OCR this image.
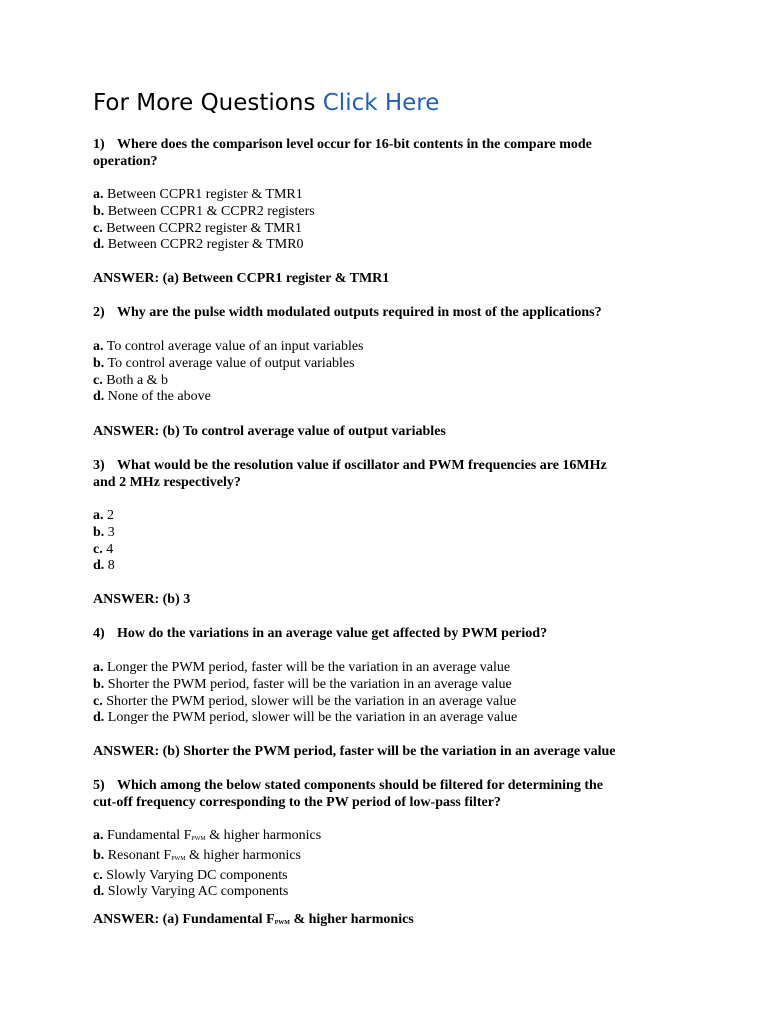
For More Questions Click Here
1) Where does the comparison level occur for 16-bit contents in the compare mode
operation?
a. Between CCPR1 register & TMR1
b. Between CCPR1 & CCPR2 registers
c. Between CCPR2 register & TMR1
d. Between CCPR2 register & TMR0
ANSWER: (a) Between CCPR1 register & TMR1
2) Why are the pulse width modulated outputs required in most of the applications?
a. To control average value of an input variables
b. To control average value of output variables
c. Both a & b
d. None of the above
ANSWER: (b) To control average value of output variables
3) What would be the resolution value if oscillator and PWM frequencies are 16MHz
and 2 MHz respectively?
a. 2
b. 3
c. 4
d. 8
ANSWER: (b) 3
4) How do the variations in an average value get affected by PWM period?
a. Longer the PWM period, faster will be the variation in an average value
b. Shorter the PWM period, faster will be the variation in an average value
c. Shorter the PWM period, slower will be the variation in an average value
d. Longer the PWM period, slower will be the variation in an average value
ANSWER: (b) Shorter the PWM period, faster will be the variation in an average value
5) Which among the below stated components should be filtered for determining the
cut-off frequency corresponding to the PW period of low-pass filter?
a. Fundamental $F_{PWM}$ & higher harmonics
b. Resonant $F_{PWM}$ & higher harmonics
c. Slowly Varying DC components
d. Slowly Varying AC components
ANSWER: (a) Fundamental $F_{PWM}$ & higher harmonics
